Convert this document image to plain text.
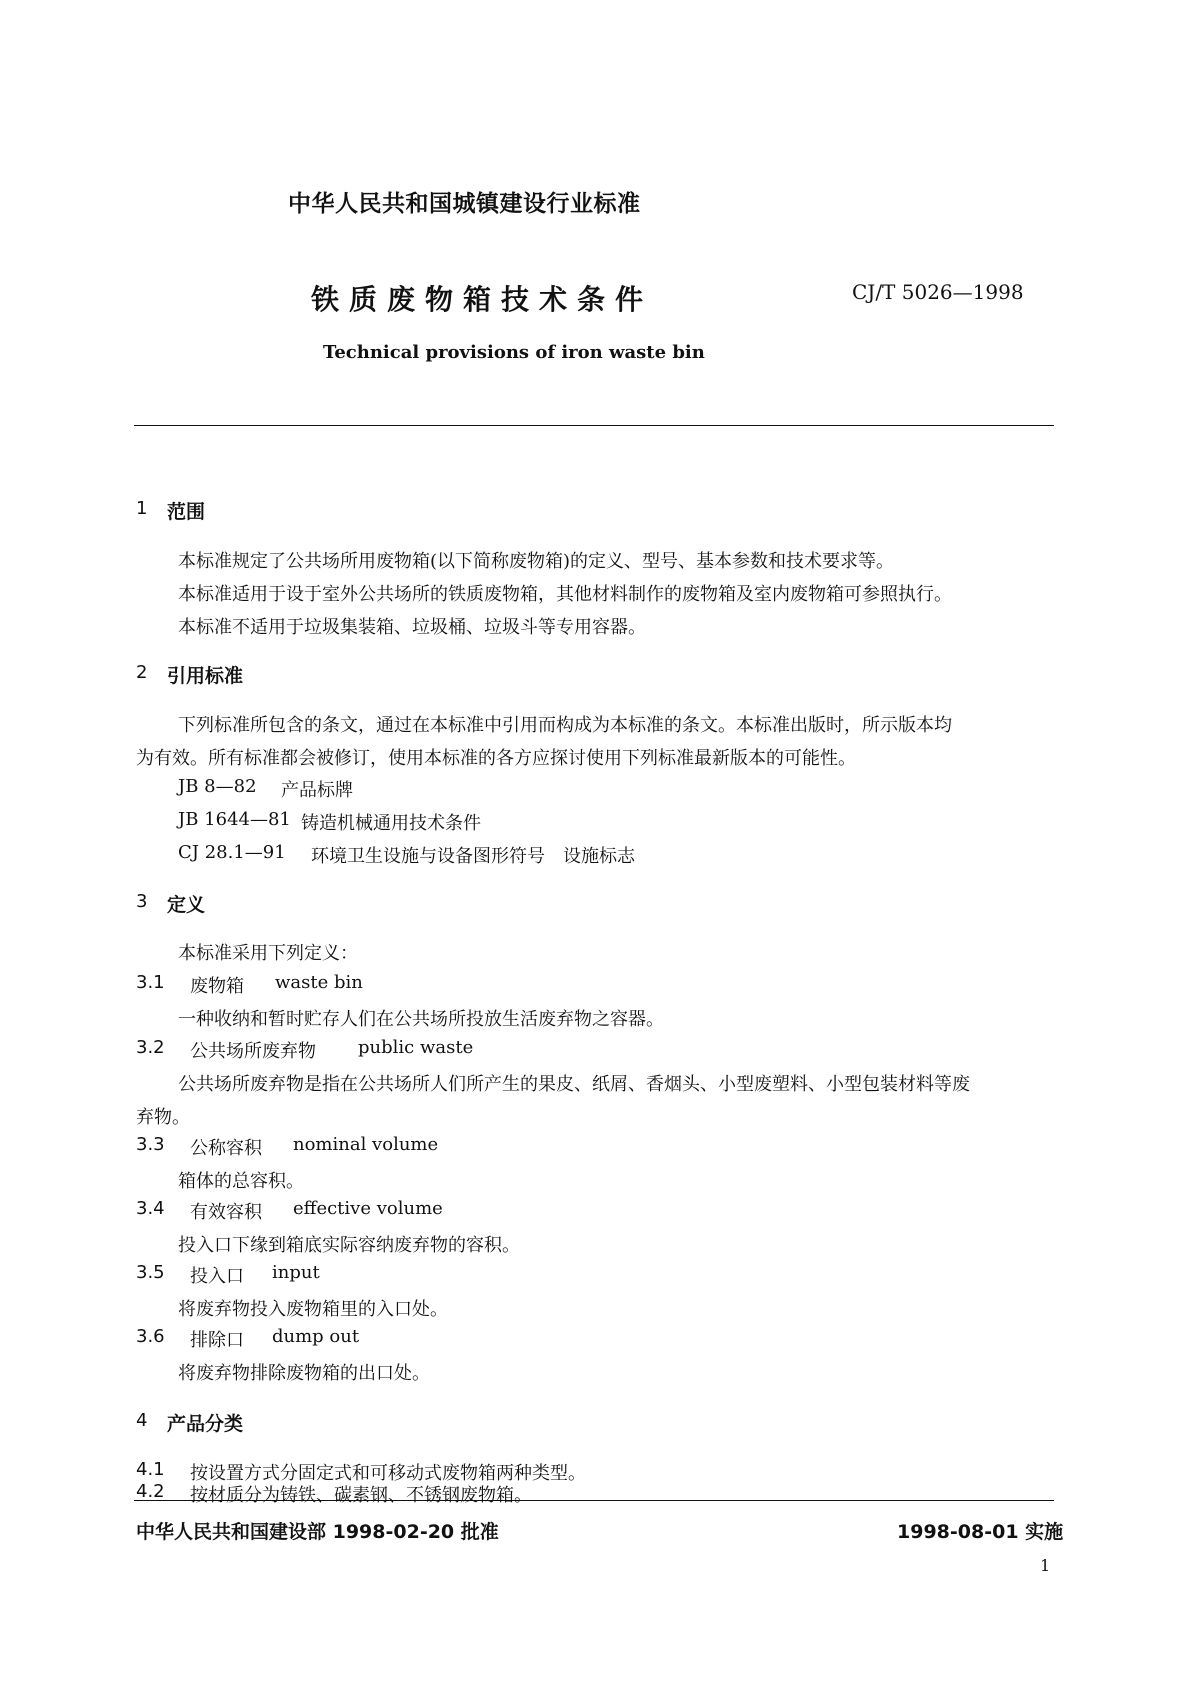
中华人民共和国城镇建设行业标准
铁质废物箱技术条件	CJ/T 5026—1998
Technical provisions of iron waste bin
1 范围
本标准规定了公共场所用废物箱(以下简称废物箱)的定义、型号、基本参数和技术要求等。
本标准适用于设于室外公共场所的铁质废物箱，其他材料制作的废物箱及室内废物箱可参照执行。
本标准不适用于垃圾集装箱、垃圾桶、垃圾斗等专用容器。
2 引用标准
下列标准所包含的条文，通过在本标准中引用而构成为本标准的条文。本标准出版时，所示版本均
为有效。所有标准都会被修订，使用本标准的各方应探讨使用下列标准最新版本的可能性。
JB 8—82 产品标牌
JB 1644—81 铸造机械通用技术条件
CJ 28.1—91 环境卫生设施与设备图形符号　设施标志
3 定义
本标准采用下列定义：
3.1 废物箱 waste bin
一种收纳和暂时贮存人们在公共场所投放生活废弃物之容器。
3.2 公共场所废弃物 public waste
公共场所废弃物是指在公共场所人们所产生的果皮、纸屑、香烟头、小型废塑料、小型包装材料等废
弃物。
3.3 公称容积 nominal volume
箱体的总容积。
3.4 有效容积 effective volume
投入口下缘到箱底实际容纳废弃物的容积。
3.5 投入口 input
将废弃物投入废物箱里的入口处。
3.6 排除口 dump out
将废弃物排除废物箱的出口处。
4 产品分类
4.1 按设置方式分固定式和可移动式废物箱两种类型。
4.2 按材质分为铸铁、碳素钢、不锈钢废物箱。
中华人民共和国建设部 1998-02-20 批准	1998-08-01 实施
1
